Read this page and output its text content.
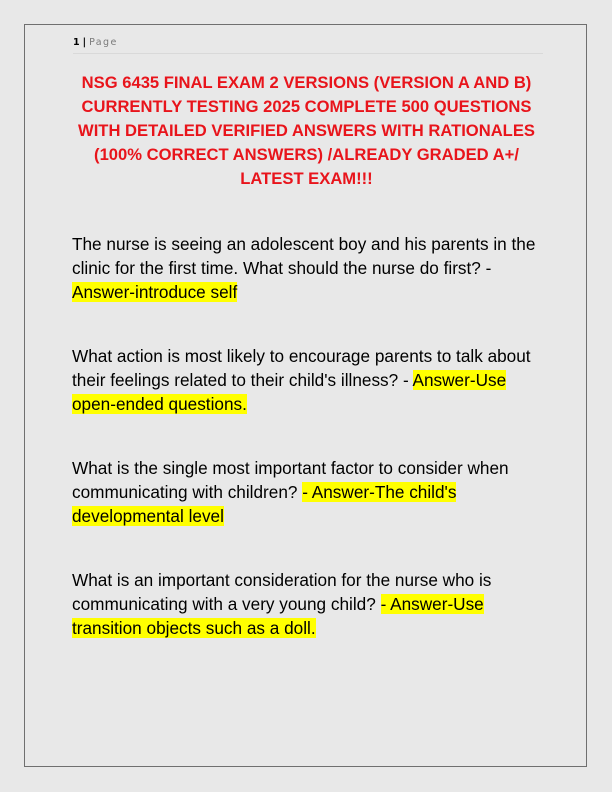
1 | Page

NSG 6435 FINAL EXAM 2 VERSIONS (VERSION A AND B) CURRENTLY TESTING 2025 COMPLETE 500 QUESTIONS WITH DETAILED VERIFIED ANSWERS WITH RATIONALES (100% CORRECT ANSWERS) /ALREADY GRADED A+/ LATEST EXAM!!!

The nurse is seeing an adolescent boy and his parents in the clinic for the first time. What should the nurse do first? - Answer-introduce self

What action is most likely to encourage parents to talk about their feelings related to their child's illness? - Answer-Use open-ended questions.

What is the single most important factor to consider when communicating with children? - Answer-The child's developmental level

What is an important consideration for the nurse who is communicating with a very young child? - Answer-Use transition objects such as a doll.
